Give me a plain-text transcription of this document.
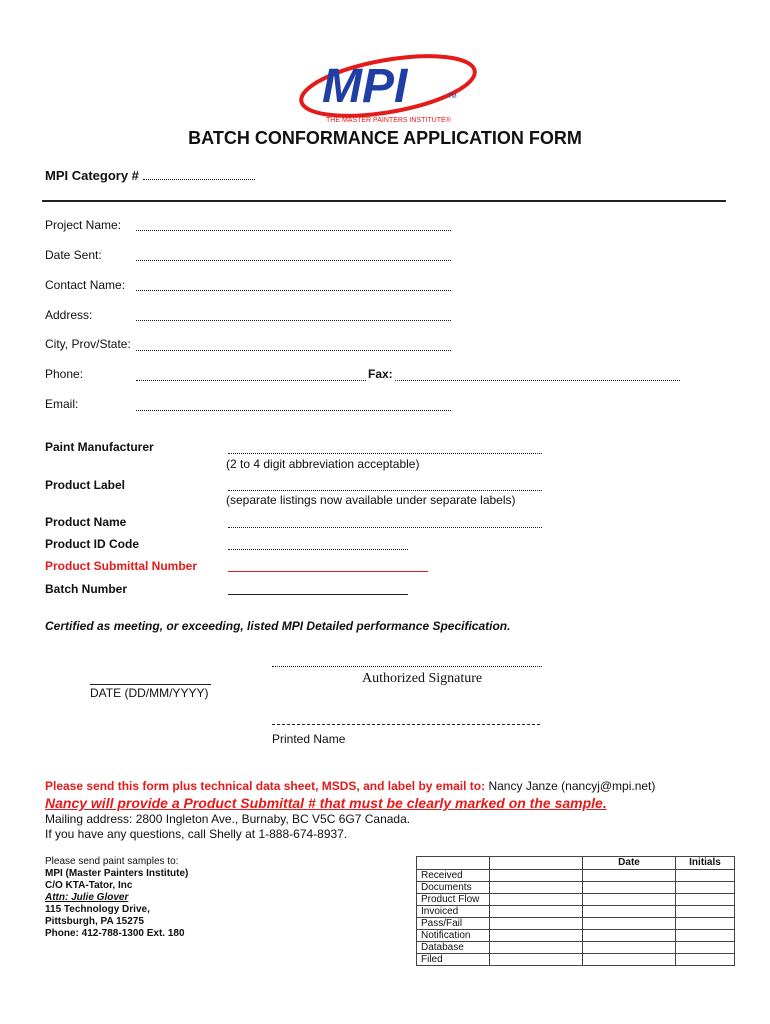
MPI	TM
THE MASTER PAINTERS INSTITUTE®
BATCH CONFORMANCE APPLICATION FORM
MPI Category #
Project Name:
Date Sent:
Contact Name:
Address:
City, Prov/State:
Phone:	Fax:
Email:
Paint Manufacturer
(2 to 4 digit abbreviation acceptable)
Product Label
(separate listings now available under separate labels)
Product Name
Product ID Code
Product Submittal Number
Batch Number
Certified as meeting, or exceeding, listed MPI Detailed performance Specification.
Authorized Signature
DATE (DD/MM/YYYY)
Printed Name
Please send this form plus technical data sheet, MSDS, and label by email to: Nancy Janze (nancyj@mpi.net)
Nancy will provide a Product Submittal # that must be clearly marked on the sample.
Mailing address: 2800 Ingleton Ave., Burnaby, BC V5C 6G7 Canada.
If you have any questions, call Shelly at 1-888-674-8937.
Please send paint samples to:
MPI (Master Painters Institute)
C/O KTA-Tator, Inc
Attn: Julie Glover
115 Technology Drive,
Pittsburgh, PA 15275
Phone: 412-788-1300 Ext. 180
		Date	Initials
Received			
Documents			
Product Flow			
Invoiced			
Pass/Fail			
Notification			
Database			
Filed			
